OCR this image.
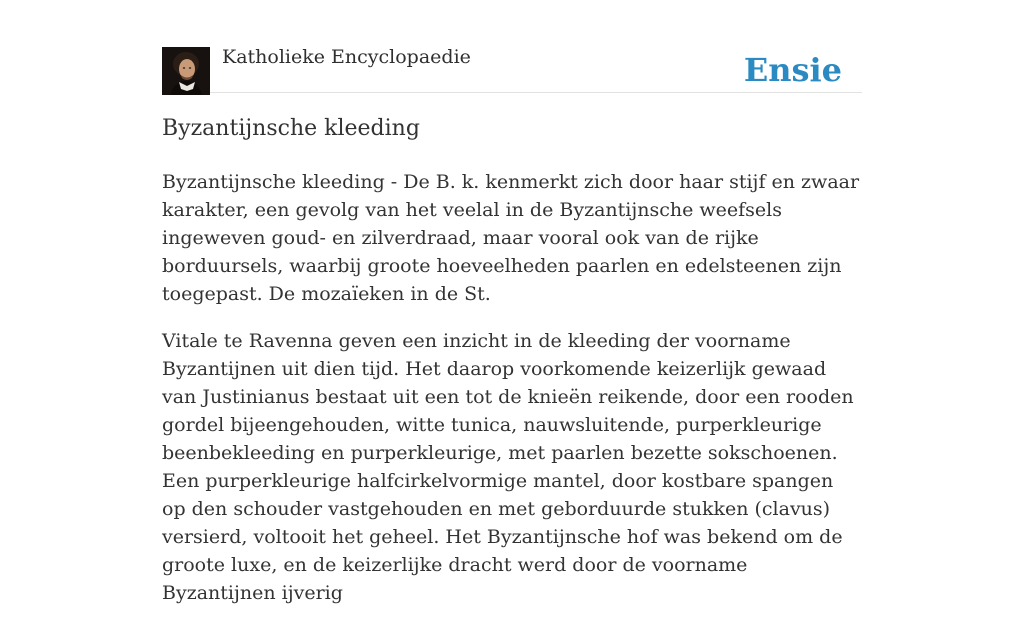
Katholieke Encyclopaedie	Ensie
Byzantijnsche kleeding

Byzantijnsche kleeding - De B. k. kenmerkt zich door haar stijf en zwaar karakter, een gevolg van het veelal in de Byzantijnsche weefsels ingeweven goud- en zilverdraad, maar vooral ook van de rijke borduursels, waarbij groote hoeveelheden paarlen en edelsteenen zijn toegepast. De mozaïeken in de St.

Vitale te Ravenna geven een inzicht in de kleeding der voorname Byzantijnen uit dien tijd. Het daarop voorkomende keizerlijk gewaad van Justinianus bestaat uit een tot de knieën reikende, door een rooden gordel bijeengehouden, witte tunica, nauwsluitende, purperkleurige beenbekleeding en purperkleurige, met paarlen bezette sokschoenen. Een purperkleurige halfcirkelvormige mantel, door kostbare spangen op den schouder vastgehouden en met geborduurde stukken (clavus) versierd, voltooit het geheel. Het Byzantijnsche hof was bekend om de groote luxe, en de keizerlijke dracht werd door de voorname Byzantijnen ijverig
